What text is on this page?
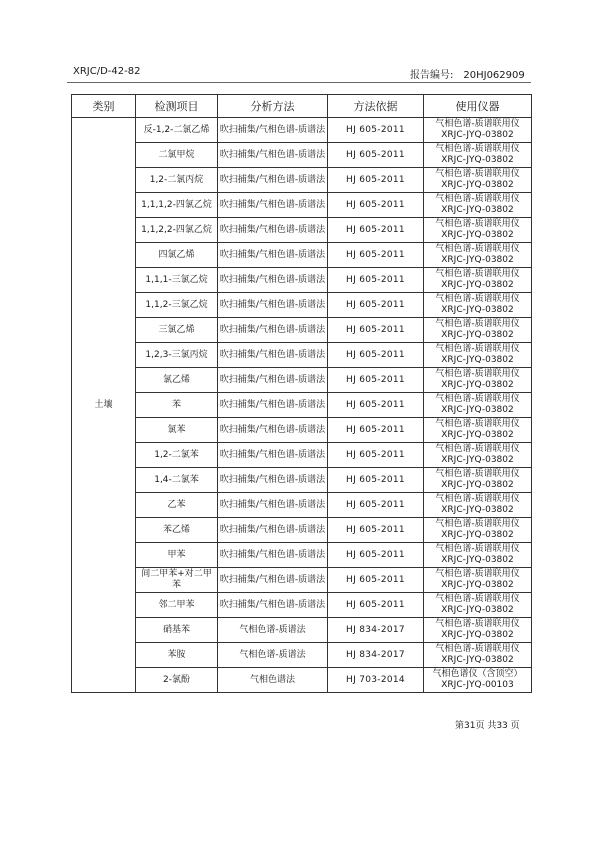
XRJC/D-42-82	报告编号: 20HJ062909
类别	检测项目	分析方法	方法依据	使用仪器
土壤	反-1,2-二氯乙烯	吹扫捕集/气相色谱-质谱法	HJ 605-2011	气相色谱-质谱联用仪
XRJC-JYQ-03802

	二氯甲烷	吹扫捕集/气相色谱-质谱法	HJ 605-2011	气相色谱-质谱联用仪
XRJC-JYQ-03802

	1,2-二氯丙烷	吹扫捕集/气相色谱-质谱法	HJ 605-2011	气相色谱-质谱联用仪
XRJC-JYQ-03802

	1,1,1,2-四氯乙烷	吹扫捕集/气相色谱-质谱法	HJ 605-2011	气相色谱-质谱联用仪
XRJC-JYQ-03802

	1,1,2,2-四氯乙烷	吹扫捕集/气相色谱-质谱法	HJ 605-2011	气相色谱-质谱联用仪
XRJC-JYQ-03802

	四氯乙烯	吹扫捕集/气相色谱-质谱法	HJ 605-2011	气相色谱-质谱联用仪
XRJC-JYQ-03802

	1,1,1-三氯乙烷	吹扫捕集/气相色谱-质谱法	HJ 605-2011	气相色谱-质谱联用仪
XRJC-JYQ-03802

	1,1,2-三氯乙烷	吹扫捕集/气相色谱-质谱法	HJ 605-2011	气相色谱-质谱联用仪
XRJC-JYQ-03802

	三氯乙烯	吹扫捕集/气相色谱-质谱法	HJ 605-2011	气相色谱-质谱联用仪
XRJC-JYQ-03802

	1,2,3-三氯丙烷	吹扫捕集/气相色谱-质谱法	HJ 605-2011	气相色谱-质谱联用仪
XRJC-JYQ-03802

	氯乙烯	吹扫捕集/气相色谱-质谱法	HJ 605-2011	气相色谱-质谱联用仪
XRJC-JYQ-03802

	苯	吹扫捕集/气相色谱-质谱法	HJ 605-2011	气相色谱-质谱联用仪
XRJC-JYQ-03802

	氯苯	吹扫捕集/气相色谱-质谱法	HJ 605-2011	气相色谱-质谱联用仪
XRJC-JYQ-03802

	1,2-二氯苯	吹扫捕集/气相色谱-质谱法	HJ 605-2011	气相色谱-质谱联用仪
XRJC-JYQ-03802

	1,4-二氯苯	吹扫捕集/气相色谱-质谱法	HJ 605-2011	气相色谱-质谱联用仪
XRJC-JYQ-03802

	乙苯	吹扫捕集/气相色谱-质谱法	HJ 605-2011	气相色谱-质谱联用仪
XRJC-JYQ-03802

	苯乙烯	吹扫捕集/气相色谱-质谱法	HJ 605-2011	气相色谱-质谱联用仪
XRJC-JYQ-03802

	甲苯	吹扫捕集/气相色谱-质谱法	HJ 605-2011	气相色谱-质谱联用仪
XRJC-JYQ-03802

	间二甲苯+对二甲苯	吹扫捕集/气相色谱-质谱法	HJ 605-2011	气相色谱-质谱联用仪
XRJC-JYQ-03802

	邻二甲苯	吹扫捕集/气相色谱-质谱法	HJ 605-2011	气相色谱-质谱联用仪
XRJC-JYQ-03802

	硝基苯	气相色谱-质谱法	HJ 834-2017	气相色谱-质谱联用仪
XRJC-JYQ-03802

	苯胺	气相色谱-质谱法	HJ 834-2017	气相色谱-质谱联用仪
XRJC-JYQ-03802

	2-氯酚	气相色谱法	HJ 703-2014	气相色谱仪（含顶空）
XRJC-JYQ-00103
第31页 共33 页
